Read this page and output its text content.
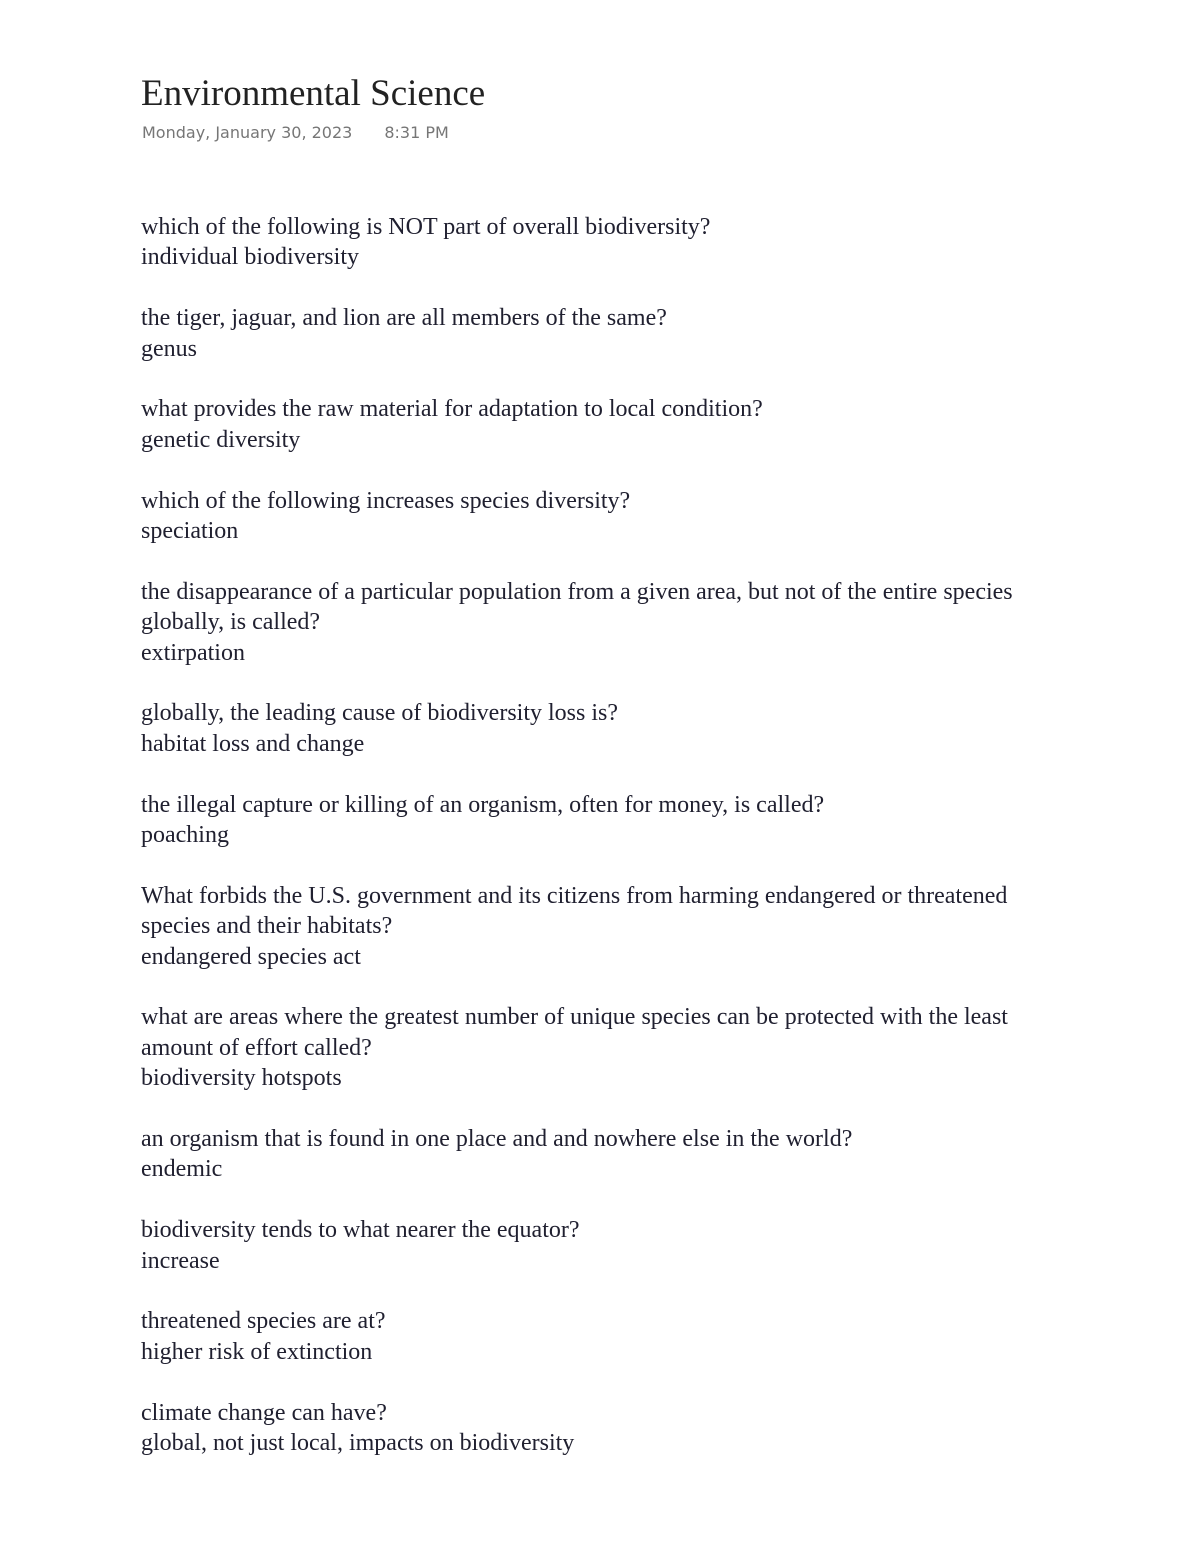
Environmental Science
Monday, January 30, 2023 8:31 PM
which of the following is NOT part of overall biodiversity?
individual biodiversity
the tiger, jaguar, and lion are all members of the same?
genus
what provides the raw material for adaptation to local condition?
genetic diversity
which of the following increases species diversity?
speciation
the disappearance of a particular population from a given area, but not of the entire species globally, is called?
extirpation
globally, the leading cause of biodiversity loss is?
habitat loss and change
the illegal capture or killing of an organism, often for money, is called?
poaching
What forbids the U.S. government and its citizens from harming endangered or threatened species and their habitats?
endangered species act
what are areas where the greatest number of unique species can be protected with the least amount of effort called?
biodiversity hotspots
an organism that is found in one place and and nowhere else in the world?
endemic
biodiversity tends to what nearer the equator?
increase
threatened species are at?
higher risk of extinction
climate change can have?
global, not just local, impacts on biodiversity
